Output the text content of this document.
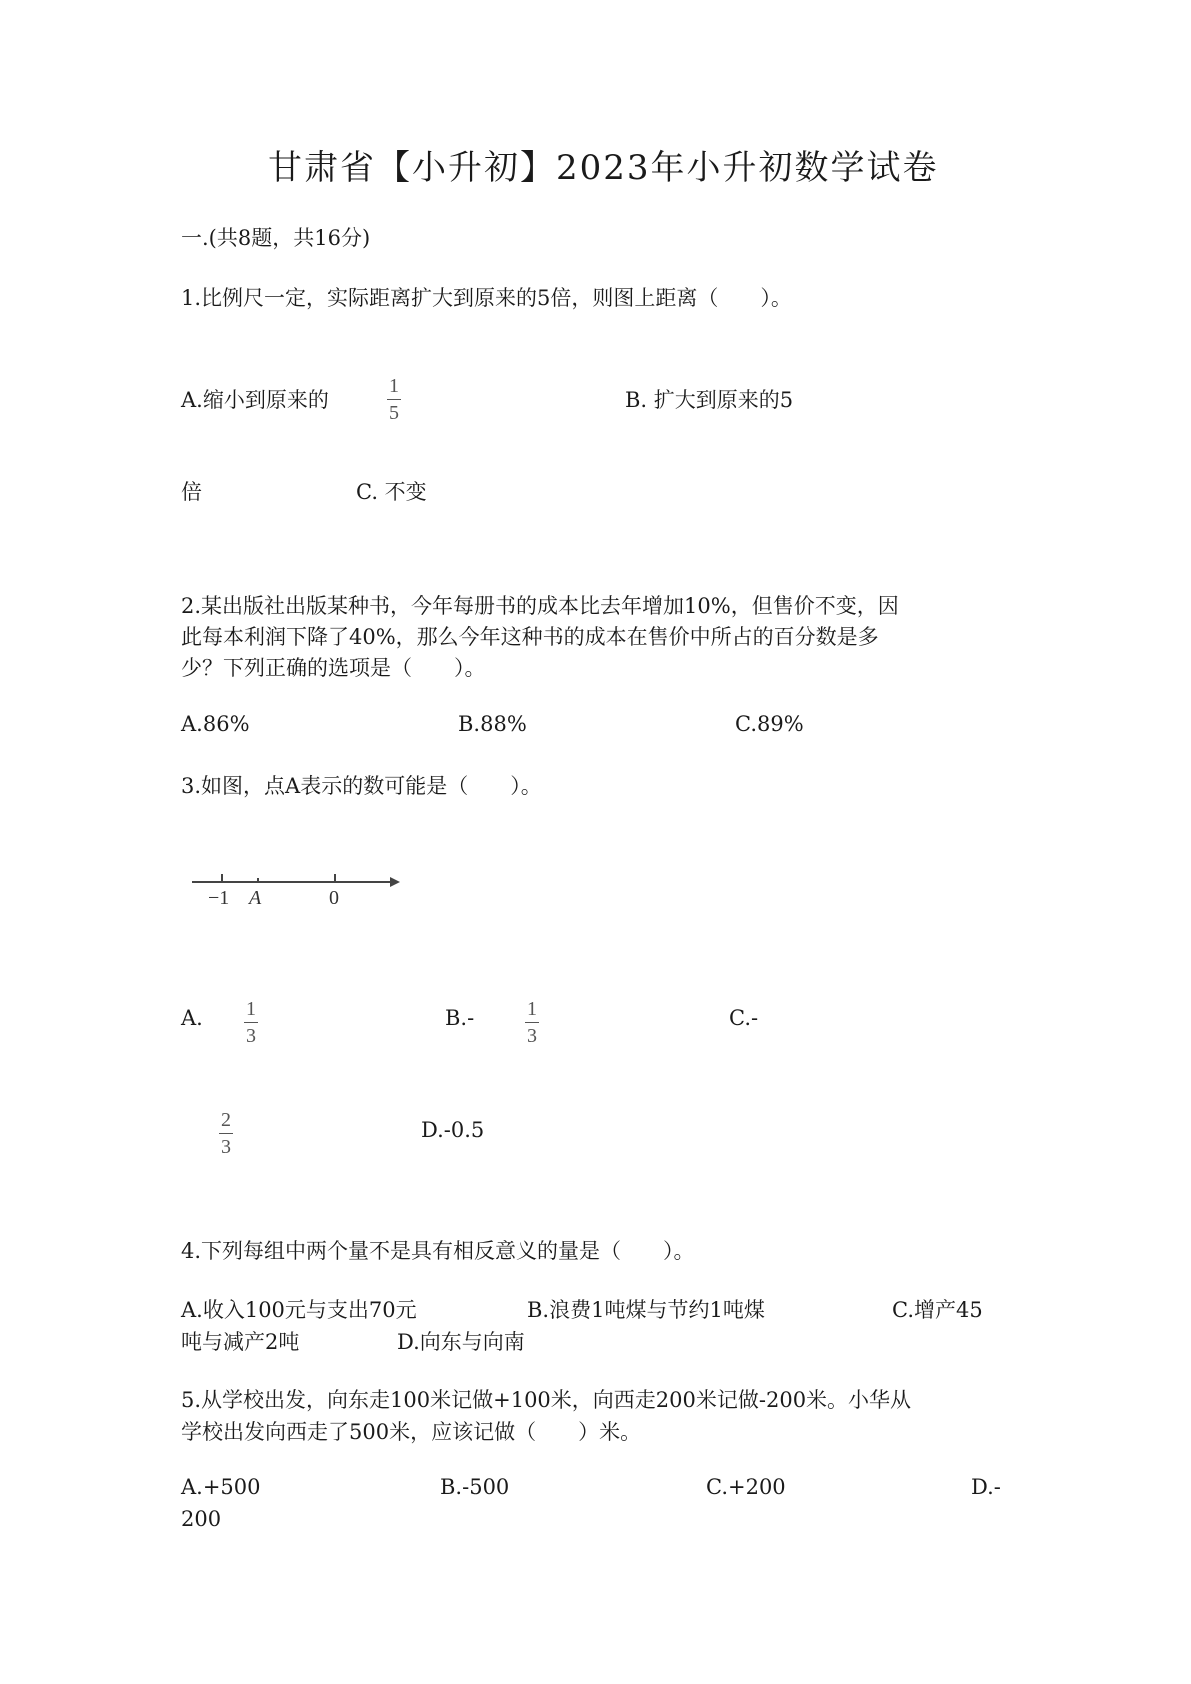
甘肃省【小升初】2023年小升初数学试卷
一.(共8题，共16分)
1.比例尺一定，实际距离扩大到原来的5倍，则图上距离（　　）。
A.缩小到原来的
1
5
B. 扩大到原来的5
倍	C. 不变
2.某出版社出版某种书，今年每册书的成本比去年增加10%，但售价不变，因
此每本利润下降了40%，那么今年这种书的成本在售价中所占的百分数是多
少？下列正确的选项是（　　）。
A.86%	B.88%	C.89%
3.如图，点A表示的数可能是（　　）。
−1 A	0
A. 1
3
B.-	1
3
C.-
2
3
D.-0.5
4.下列每组中两个量不是具有相反意义的量是（　　）。
A.收入100元与支出70元	B.浪费1吨煤与节约1吨煤	C.增产45
吨与减产2吨	D.向东与向南
5.从学校出发，向东走100米记做+100米，向西走200米记做-200米。小华从
学校出发向西走了500米，应该记做（　　）米。
A.+500	B.-500	C.+200	D.-
200
